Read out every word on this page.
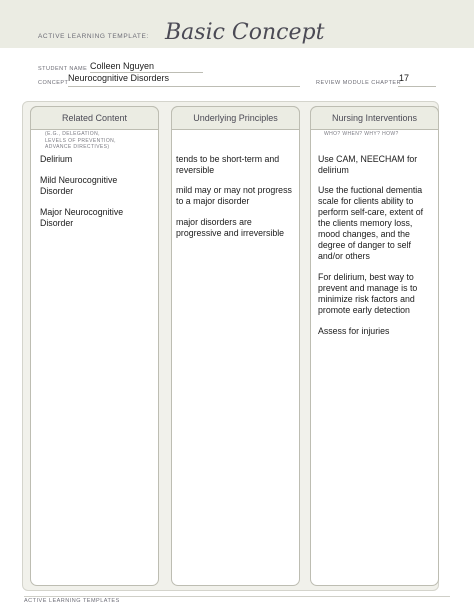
ACTIVE LEARNING TEMPLATE: Basic Concept
STUDENT NAME Colleen Nguyen
CONCEPT Neurocognitive Disorders	REVIEW MODULE CHAPTER
17
Related Content
(E.G., DELEGATION,
LEVELS OF PREVENTION,
ADVANCE DIRECTIVES)
Delirium
Mild Neurocognitive
Disorder
Major Neurocognitive
Disorder
Underlying Principles
tends to be short-term and
reversible
mild may or may not progress
to a major disorder
major disorders are
progressive and irreversible
Nursing Interventions
WHO? WHEN? WHY? HOW?
Use CAM, NEECHAM for
delirium
Use the fuctional dementia
scale for clients ability to
perform self-care, extent of
the clients memory loss,
mood changes, and the
degree of danger to self
and/or others
For delirium, best way to
prevent and manage is to
minimize risk factors and
promote early detection
Assess for injuries
ACTIVE LEARNING TEMPLATES
